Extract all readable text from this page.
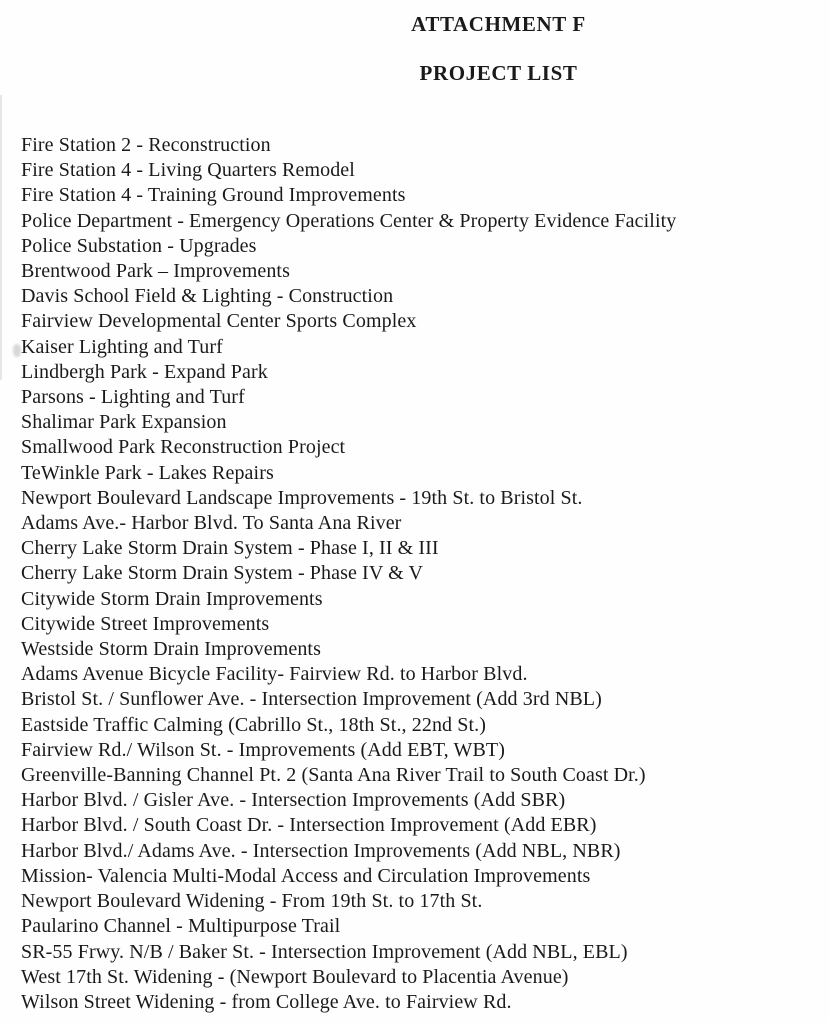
ATTACHMENT F
PROJECT LIST
Fire Station 2 - Reconstruction
Fire Station 4 - Living Quarters Remodel
Fire Station 4 - Training Ground Improvements
Police Department - Emergency Operations Center & Property Evidence Facility
Police Substation - Upgrades
Brentwood Park – Improvements
Davis School Field & Lighting - Construction
Fairview Developmental Center Sports Complex
Kaiser Lighting and Turf
Lindbergh Park - Expand Park
Parsons - Lighting and Turf
Shalimar Park Expansion
Smallwood Park Reconstruction Project
TeWinkle Park - Lakes Repairs
Newport Boulevard Landscape Improvements - 19th St. to Bristol St.
Adams Ave.- Harbor Blvd. To Santa Ana River
Cherry Lake Storm Drain System - Phase I, II & III
Cherry Lake Storm Drain System - Phase IV & V
Citywide Storm Drain Improvements
Citywide Street Improvements
Westside Storm Drain Improvements
Adams Avenue Bicycle Facility- Fairview Rd. to Harbor Blvd.
Bristol St. / Sunflower Ave. - Intersection Improvement (Add 3rd NBL)
Eastside Traffic Calming (Cabrillo St., 18th St., 22nd St.)
Fairview Rd./ Wilson St. - Improvements (Add EBT, WBT)
Greenville-Banning Channel Pt. 2 (Santa Ana River Trail to South Coast Dr.)
Harbor Blvd. / Gisler Ave. - Intersection Improvements (Add SBR)
Harbor Blvd. / South Coast Dr. - Intersection Improvement (Add EBR)
Harbor Blvd./ Adams Ave. - Intersection Improvements (Add NBL, NBR)
Mission- Valencia Multi-Modal Access and Circulation Improvements
Newport Boulevard Widening - From 19th St. to 17th St.
Paularino Channel - Multipurpose Trail
SR-55 Frwy. N/B / Baker St. - Intersection Improvement (Add NBL, EBL)
West 17th St. Widening - (Newport Boulevard to Placentia Avenue)
Wilson Street Widening - from College Ave. to Fairview Rd.
